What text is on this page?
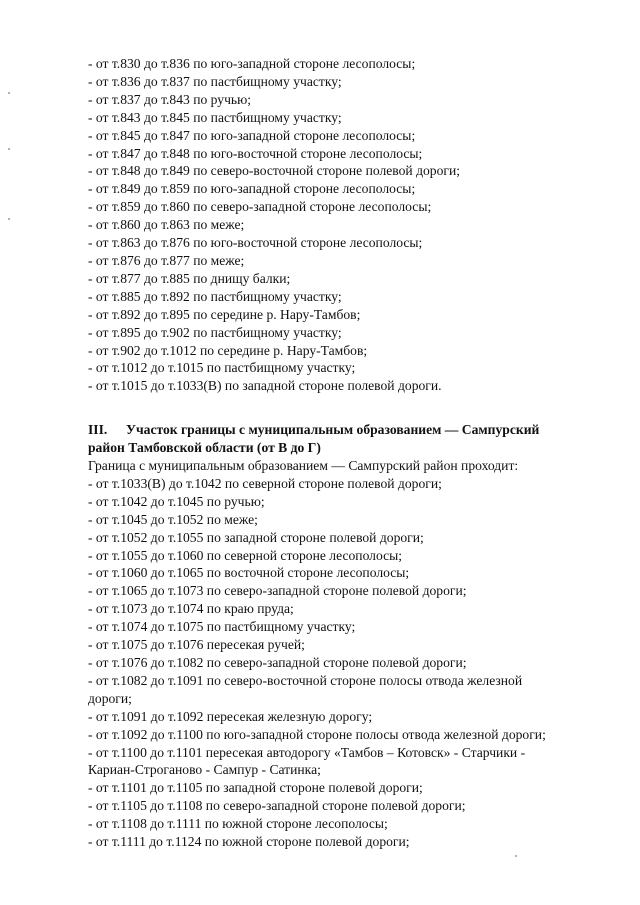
- от т.830 до т.836 по юго-западной стороне лесополосы;
- от т.836 до т.837 по пастбищному участку;
- от т.837 до т.843 по ручью;
- от т.843 до т.845 по пастбищному участку;
- от т.845 до т.847 по юго-западной стороне лесополосы;
- от т.847 до т.848 по юго-восточной стороне лесополосы;
- от т.848 до т.849 по северо-восточной стороне полевой дороги;
- от т.849 до т.859 по юго-западной стороне лесополосы;
- от т.859 до т.860 по северо-западной стороне лесополосы;
- от т.860 до т.863 по меже;
- от т.863 до т.876 по юго-восточной стороне лесополосы;
- от т.876 до т.877 по меже;
- от т.877 до т.885 по днищу балки;
- от т.885 до т.892 по пастбищному участку;
- от т.892 до т.895 по середине р. Нару-Тамбов;
- от т.895 до т.902 по пастбищному участку;
- от т.902 до т.1012 по середине р. Нару-Тамбов;
- от т.1012 до т.1015 по пастбищному участку;
- от т.1015 до т.1033(В) по западной стороне полевой дороги.
III. Участок границы с муниципальным образованием — Сампурский
район Тамбовской области (от В до Г)
Граница с муниципальным образованием — Сампурский район проходит:
- от т.1033(В) до т.1042 по северной стороне полевой дороги;
- от т.1042 до т.1045 по ручью;
- от т.1045 до т.1052 по меже;
- от т.1052 до т.1055 по западной стороне полевой дороги;
- от т.1055 до т.1060 по северной стороне лесополосы;
- от т.1060 до т.1065 по восточной стороне лесополосы;
- от т.1065 до т.1073 по северо-западной стороне полевой дороги;
- от т.1073 до т.1074 по краю пруда;
- от т.1074 до т.1075 по пастбищному участку;
- от т.1075 до т.1076 пересекая ручей;
- от т.1076 до т.1082 по северо-западной стороне полевой дороги;
- от т.1082 до т.1091 по северо-восточной стороне полосы отвода железной
дороги;
- от т.1091 до т.1092 пересекая железную дорогу;
- от т.1092 до т.1100 по юго-западной стороне полосы отвода железной дороги;
- от т.1100 до т.1101 пересекая автодорогу «Тамбов – Котовск» - Старчики -
Кариан-Строганово - Сампур - Сатинка;
- от т.1101 до т.1105 по западной стороне полевой дороги;
- от т.1105 до т.1108 по северо-западной стороне полевой дороги;
- от т.1108 до т.1111 по южной стороне лесополосы;
- от т.1111 до т.1124 по южной стороне полевой дороги;
